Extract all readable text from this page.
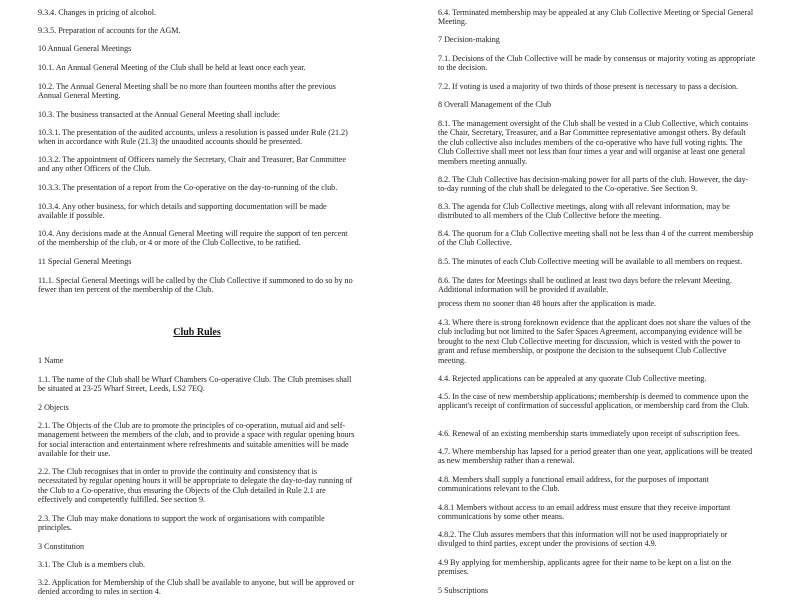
9.3.4. Changes in pricing of alcohol.

9.3.5. Preparation of accounts for the AGM.

10 Annual General Meetings

10.1. An Annual General Meeting of the Club shall be held at least once each year.

10.2. The Annual General Meeting shall be no more than fourteen months after the previous Annual General Meeting.

10.3. The business transacted at the Annual General Meeting shall include:

10.3.1. The presentation of the audited accounts, unless a resolution is passed under Rule (21.2) when in accordance with Rule (21.3) the unaudited accounts should be presented.

10.3.2. The appointment of Officers namely the Secretary, Chair and Treasurer, Bar Committee and any other Officers of the Club.

10.3.3. The presentation of a report from the Co-operative on the day-to-running of the club.

10.3.4. Any other business, for which details and supporting documentation will be made available if possible.

10.4. Any decisions made at the Annual General Meeting will require the support of ten percent of the membership of the club, or 4 or more of the Club Collective, to be ratified.

11 Special General Meetings

11.1. Special General Meetings will be called by the Club Collective if summoned to do so by no fewer than ten percent of the membership of the Club.

Club Rules

1 Name

1.1. The name of the Club shall be Wharf Chambers Co-operative Club. The Club premises shall be situated at 23-25 Wharf Street, Leeds, LS2 7EQ.

2 Objects

2.1. The Objects of the Club are to promote the principles of co-operation, mutual aid and self-management between the members of the club, and to provide a space with regular opening hours for social interaction and entertainment where refreshments and suitable amenities will be made available for their use.

2.2. The Club recognises that in order to provide the continuity and consistency that is necessitated by regular opening hours it will be appropriate to delegate the day-to-day running of the Club to a Co-operative, thus ensuring the Objects of the Club detailed in Rule 2.1 are effectively and competently fulfilled. See section 9.

2.3. The Club may make donations to support the work of organisations with compatible principles.

3 Constitution

3.1. The Club is a members club.

3.2. Application for Membership of the Club shall be available to anyone, but will be approved or denied according to rules in section 4.

6.4. Terminated membership may be appealed at any Club Collective Meeting or Special General Meeting.

7 Decision-making

7.1. Decisions of the Club Collective will be made by consensus or majority voting as appropriate to the decision.

7.2. If voting is used a majority of two thirds of those present is necessary to pass a decision.

8 Overall Management of the Club

8.1. The management oversight of the Club shall be vested in a Club Collective, which contains the Chair, Secretary, Treasurer, and a Bar Committee representative amongst others. By default the club collective also includes members of the co-operative who have full voting rights. The Club Collective shall meet not less than four times a year and will organise at least one general members meeting annually.

8.2. The Club Collective has decision-making power for all parts of the club. However, the day-to-day running of the club shall be delegated to the Co-operative. See Section 9.

8.3. The agenda for Club Collective meetings, along with all relevant information, may be distributed to all members of the Club Collective before the meeting.

8.4. The quorum for a Club Collective meeting shall not be less than 4 of the current membership of the Club Collective.

8.5. The minutes of each Club Collective meeting will be available to all members on request.

8.6. The dates for Meetings shall be outlined at least two days before the relevant Meeting. Additional information will be provided if available.

process them no sooner than 48 hours after the application is made.

4.3. Where there is strong foreknown evidence that the applicant does not share the values of the club including but not limited to the Safer Spaces Agreement, accompanying evidence will be brought to the next Club Collective meeting for discussion, which is vested with the power to grant and refuse membership, or postpone the decision to the subsequent Club Collective meeting.

4.4. Rejected applications can be appealed at any quorate Club Collective meeting.

4.5. In the case of new membership applications; membership is deemed to commence upon the applicant's receipt of confirmation of successful application, or membership card from the Club.

4.6. Renewal of an existing membership starts immediately upon receipt of subscription fees.

4.7. Where membership has lapsed for a period greater than one year, applications will be treated as new membership rather than a renewal.

4.8. Members shall supply a functional email address, for the purposes of important communications relevant to the Club.

4.8.1 Members without access to an email address must ensure that they receive important communications by some other means.

4.8.2. The Club assures members that this information will not be used inappropriately or divulged to third parties, except under the provisions of section 4.9.

4.9 By applying for membership, applicants agree for their name to be kept on a list on the premises.

5 Subscriptions
